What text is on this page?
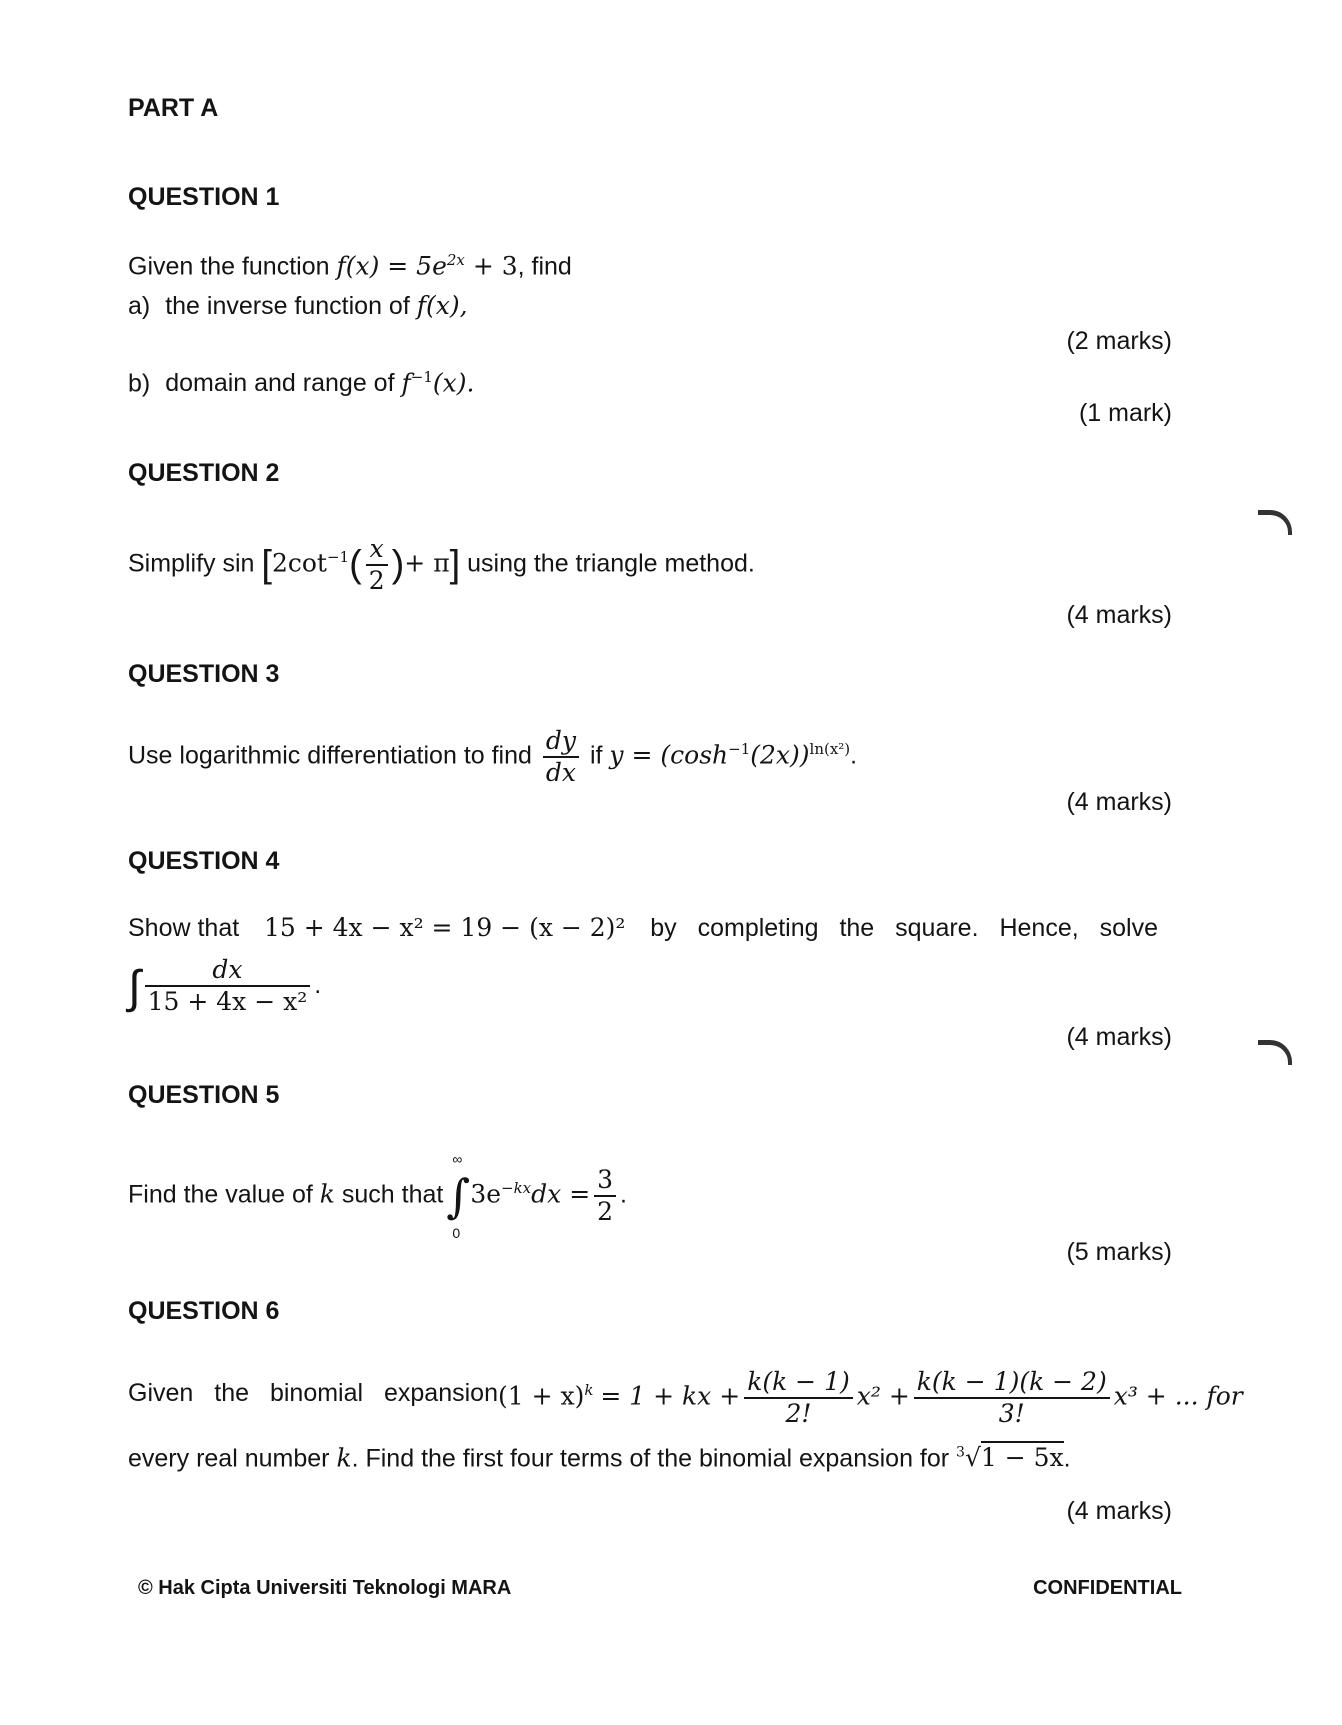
PART A
QUESTION 1
Given the function $f(x) = 5e^{2x} + 3$, find
a) the inverse function of f(x),
(2 marks)
b) domain and range of $f^{-1}(x)$.
(1 mark)
QUESTION 2
Simplify $\sin [2\cot^{-1}( \frac{x}{2}$ )+ π] using the triangle method.
(4 marks)
QUESTION 3
Use logarithmic differentiation to find $\frac{dy}{dx}$ if $y = (\cosh^{-1}(2x))^{ln(x^2)}$.
(4 marks)
QUESTION 4
Show that 15 + 4x − x² = 19 − (x − 2)² by completing the square. Hence, solve
∫ $\frac{dx}{\text{15 + 4x − x²}}$ .
(4 marks)
QUESTION 5
Find the value of k such that
∞
∫
0
$3e^{-kx}dx = \frac{3}{2}$ .
(5 marks)
QUESTION 6
Given the binomial expansion $(1 + x)^k = 1$ + kx + $\frac{k(k - 1)}{2!} x^2 + \frac{k(k - 1)(k - 2)}{3!} x^3$ + ... for
every real number k. Find the first four terms of the binomial expansion for $^3$√1 − 5x.
(4 marks)
© Hak Cipta Universiti Teknologi MARA	CONFIDENTIAL
